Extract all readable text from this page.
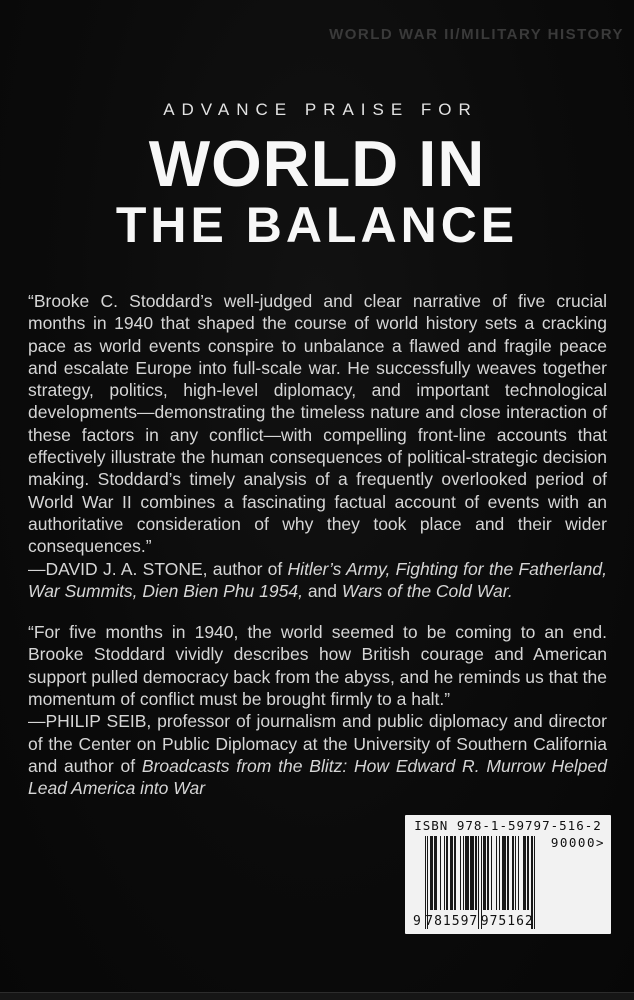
WORLD WAR II/MILITARY HISTORY
ADVANCE PRAISE FOR
WORLD IN
THE BALANCE

“Brooke C. Stoddard’s well-judged and clear narrative of five crucial months in 1940 that shaped the course of world history sets a cracking pace as world events conspire to unbalance a flawed and fragile peace and escalate Europe into full-scale war. He successfully weaves together strategy, politics, high-level diplomacy, and important technological developments—demonstrating the timeless nature and close interaction of these factors in any conflict—with compelling front-line accounts that effectively illustrate the human consequences of political-strategic decision making. Stoddard’s timely analysis of a frequently overlooked period of World War II combines a fascinating factual account of events with an authoritative consideration of why they took place and their wider consequences.”

—DAVID J. A. STONE, author of Hitler’s Army, Fighting for the Fatherland, War Summits, Dien Bien Phu 1954, and Wars of the Cold War.

“For five months in 1940, the world seemed to be coming to an end. Brooke Stoddard vividly describes how British courage and American support pulled democracy back from the abyss, and he reminds us that the momentum of conflict must be brought firmly to a halt.”

—PHILIP SEIB, professor of journalism and public diplomacy and director of the Center on Public Diplomacy at the University of Southern California and author of Broadcasts from the Blitz: How Edward R. Murrow Helped Lead America into War

ISBN 978-1-59797-516-2
9 781597 975162
90000>
